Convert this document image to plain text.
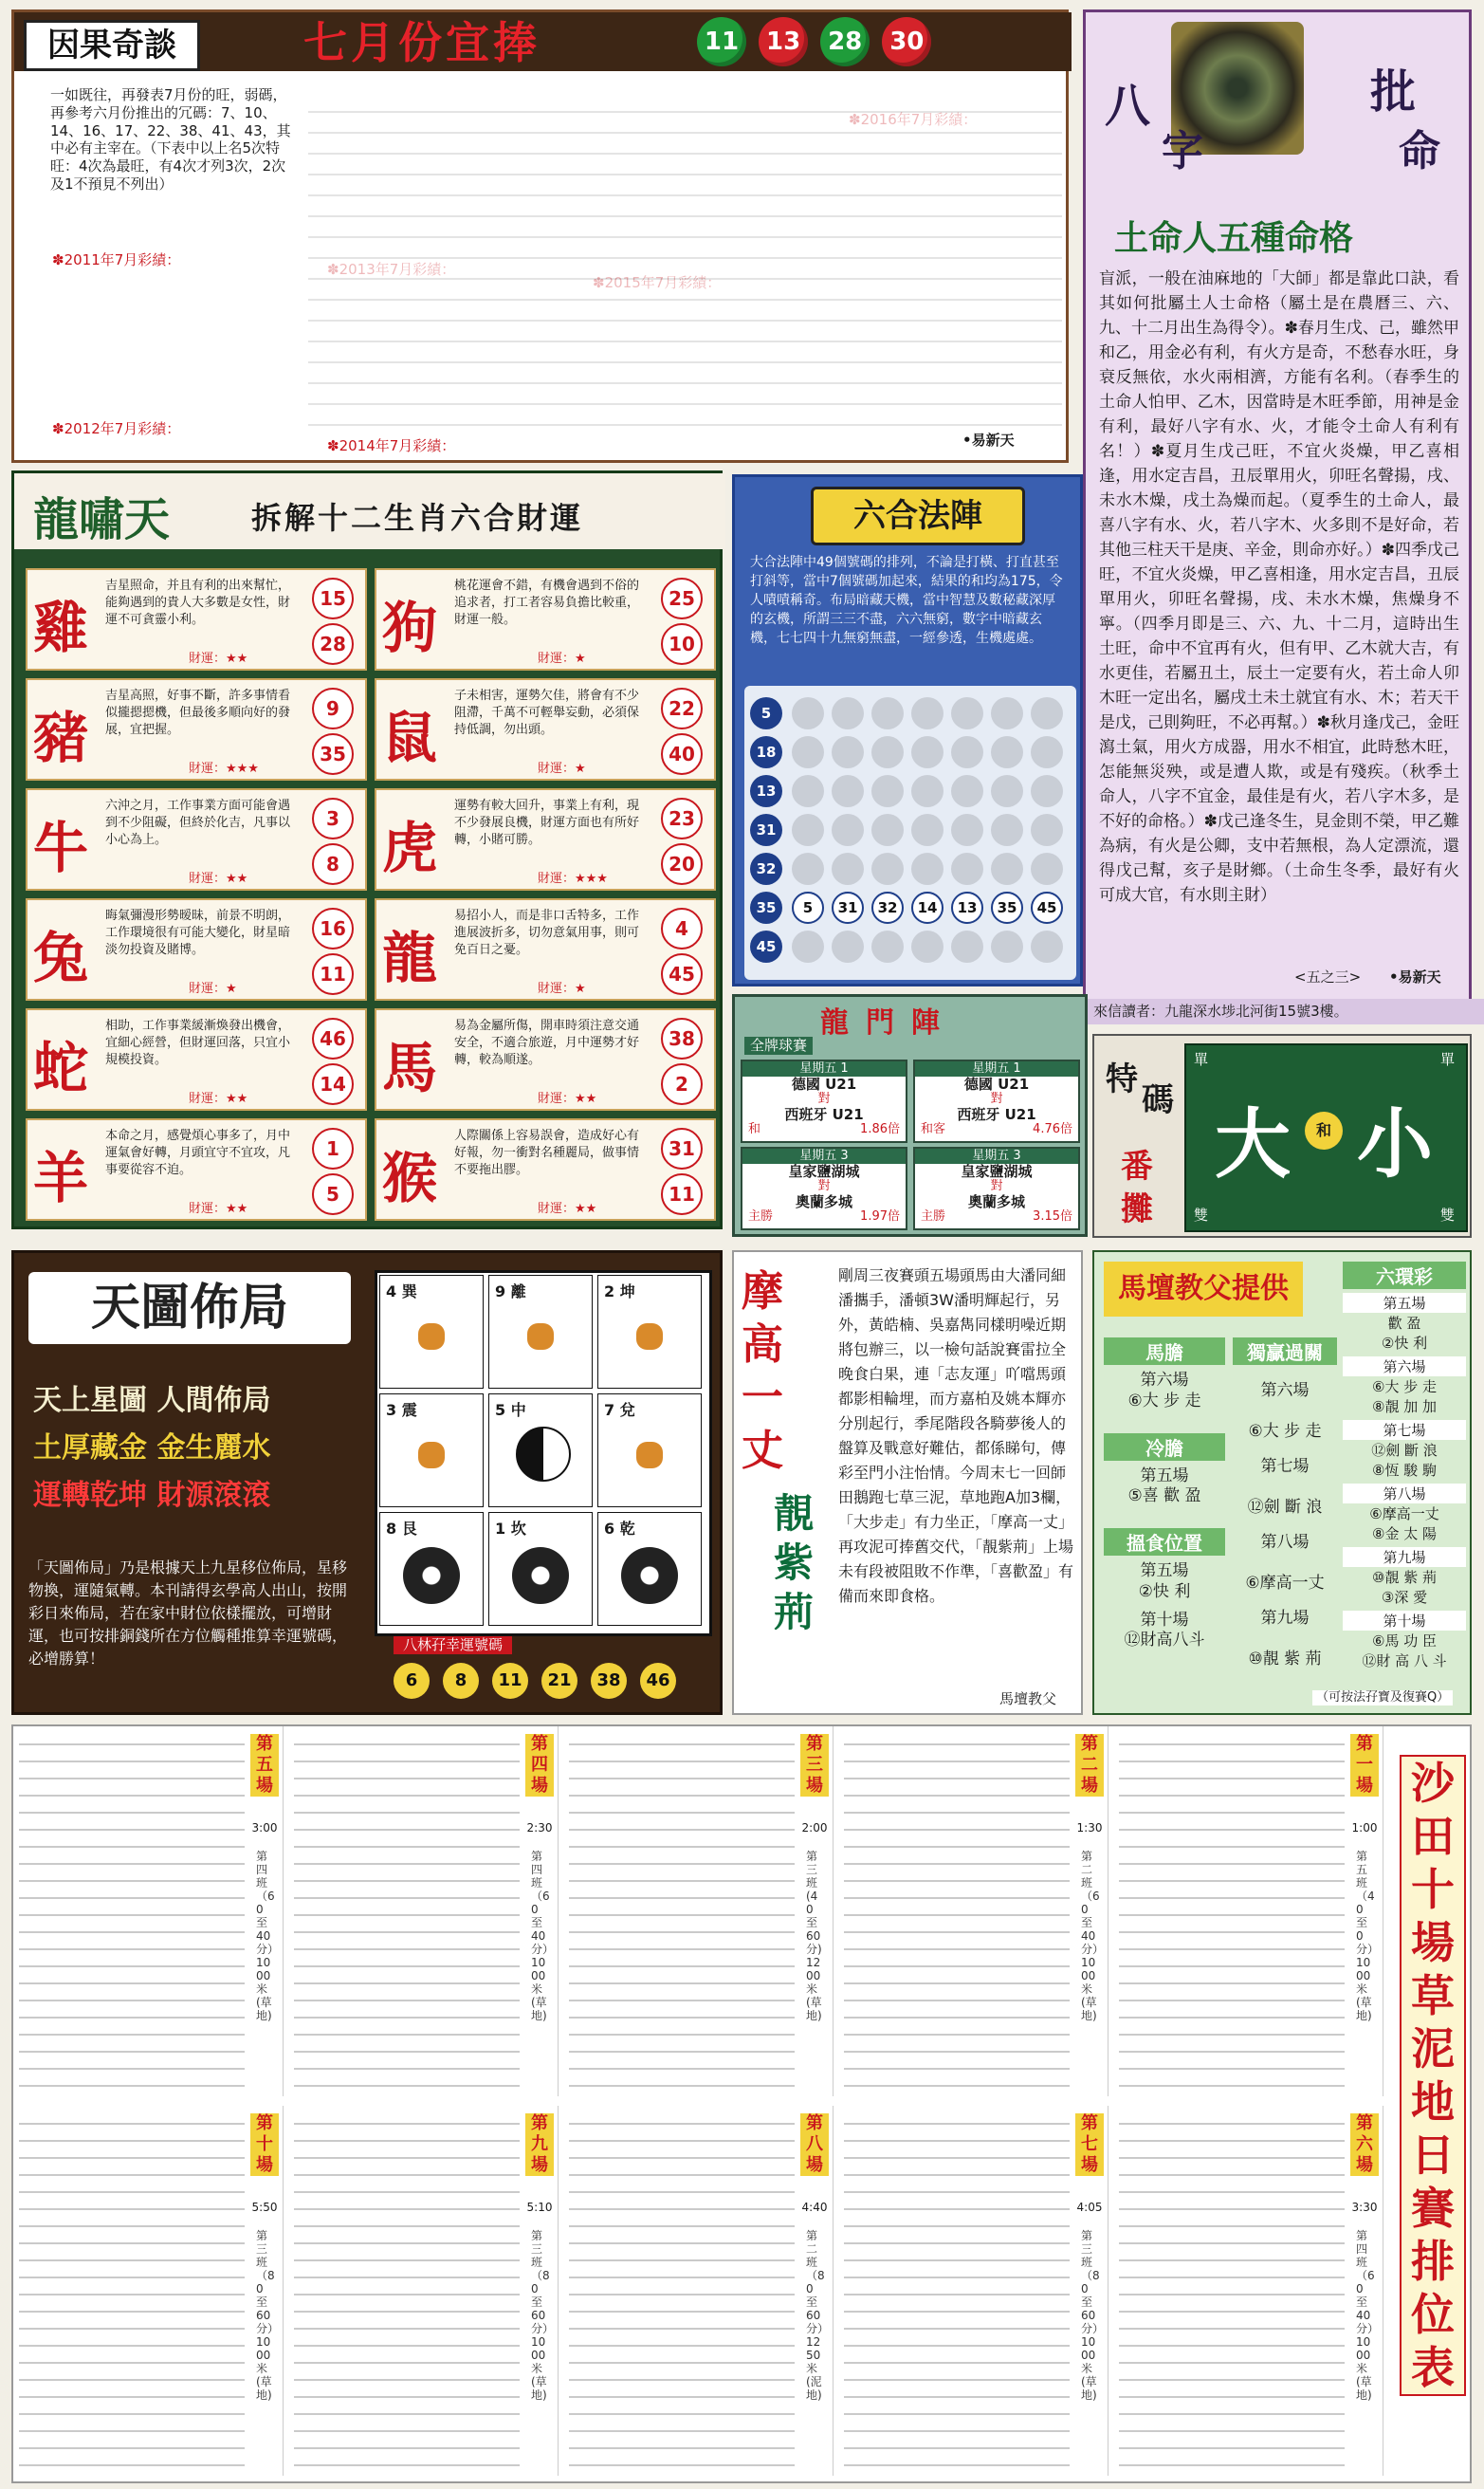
因果奇談	七月份宜捧	11 13 28 30
一如既往，再發表7月份的旺，弱碼，再參考六月份推出的冗碼：7、10、14、16、17、22、38、41、43，其中必有主宰在。（下表中以上名5次特旺：4次為最旺，有4次才列3次，2次及1不預見不列出）
✽2011年7月彩績：
✽2012年7月彩績：
✽2014年7月彩績：	•易新天
八
字
批
命
土命人五種命格
盲派，一般在油麻地的「大師」都是靠此口訣，看其如何批屬土人士命格（屬土是在農曆三、六、九、十二月出生為得令）。✽春月生戊、己，雖然甲和乙，用金必有利，有火方是奇，不愁春水旺，身衰反無依，水火兩相濟，方能有名利。（春季生的土命人怕甲、乙木，因當時是木旺季節，用神是金有利，最好八字有水、火，才能令土命人有利有名！）✽夏月生戊己旺，不宜火炎燥，甲乙喜相逢，用水定吉昌，丑辰單用火，卯旺名聲揚，戌、未水木燥，戌土為燥而起。（夏季生的土命人，最喜八字有水、火，若八字木、火多則不是好命，若其他三柱天干是庚、辛金，則命亦好。）✽四季戊己旺，不宜火炎燥，甲乙喜相逢，用水定吉昌，丑辰單用火，卯旺名聲揚，戌、未水木燥，焦燥身不寧。（四季月即是三、六、九、十二月，這時出生土旺，命中不宜再有火，但有甲、乙木就大吉，有水更佳，若屬丑土，辰土一定要有火，若土命人卯木旺一定出名，屬戌土未土就宜有水、木；若天干是戊，己則夠旺，不必再幫。）✽秋月逢戊己，金旺瀉土氣，用火方成器，用水不相宜，此時愁木旺，怎能無災殃，或是遭人欺，或是有殘疾。（秋季土命人，八字不宜金，最佳是有火，若八字木多，是不好的命格。）✽戊己逢冬生，見金則不榮，甲乙難為病，有火是公卿，支中若無根，為人定漂流，還得戊己幫，亥子是財鄉。（土命生冬季，最好有火可成大官，有水則主財）
<五之三> •易新天
來信讀者：九龍深水埗北河街15號3樓。
龍嘯天	拆解十二生肖六合財運
雞
吉星照命，并且有利的出來幫忙，能夠遇到的貴人大多數是女性，財運不可貪靈小利。
財運：★★
15
28
豬
吉星高照，好事不斷，許多事情看似攏摁摁機，但最後多順向好的發展，宜把握。
財運：★★★
9
35
牛
六沖之月，工作事業方面可能會遇到不少阻礙，但終於化吉，凡事以小心為上。
財運：★★
3
8
兔
晦氣彌漫形勢暧昧，前景不明朗，工作環境很有可能大變化，財星暗淡勿投資及賭博。
財運：★
16
11
蛇
相助，工作事業緩漸煥發出機會，宜細心經營，但財運回落，只宜小規模投資。
財運：★★
46
14
羊
本命之月，感覺煩心事多了，月中運氣會好轉，月頭宜守不宜攻，凡事要從容不迫。
財運：★★
1
5
狗
桃花運會不錯，有機會遇到不俗的追求者，打工者容易負擔比較重，財運一般。
財運：★
25
10
鼠
子未相害，運勢欠佳，將會有不少阻滯，千萬不可輕舉妄動，必須保持低調，勿出頭。
財運：★
22
40
虎
運勢有較大回升，事業上有利，現不少發展良機，財運方面也有所好轉，小賭可勝。
財運：★★★
23
20
龍
易招小人，而是非口舌特多，工作進展波折多，切勿意氣用事，則可免百日之憂。
財運：★
4
45
馬
易為金屬所傷，開車時須注意交通安全，不適合旅遊，月中運勢才好轉，較為順遂。
財運：★★
38
2
猴
人際關係上容易誤會，造成好心有好報，勿一衝對名種麗局，做事情不要拖出膠。
財運：★★
31
11
六合法陣
大合法陣中49個號碼的排列，不論是打橫、打直甚至打斜等，當中7個號碼加起來，結果的和均為175，令人嘖嘖稱奇。布局暗藏天機，當中智慧及數秘藏深厚的玄機，所謂三三不盡，六六無窮，數字中暗藏玄機，七七四十九無窮無盡，一經參透，生機處處。
5
18
13
31
32
35
45
5	31	32	14	13	35	45
龍門陣
全牌球賽
星期五 1
德國 U21
對
西班牙 U21
和	1.86倍
星期五 1
德國 U21
對
西班牙 U21
和客	4.76倍
星期五 3
皇家鹽湖城
對
奧蘭多城
主勝	1.97倍
星期五 3
皇家鹽湖城
對
奧蘭多城
主勝	3.15倍
特
碼
番
攤
大	和 小
單	單
雙	雙
天圖佈局
天上星圖 人間佈局
土厚藏金 金生麗水
運轉乾坤 財源滾滾
「天圖佈局」乃是根據天上九星移位佈局，星移物換，運隨氣轉。本刊請得玄學高人出山，按開彩日來佈局，若在家中財位依樣擺放，可增財運，也可按排銅錢所在方位觸種推算幸運號碼，必增勝算！
4 巽	9 離	2 坤
3 震	5 中	7 兌
8 艮	1 坎	6 乾
八林孖幸運號碼
6 8 11 21 38 46
摩高一丈
靚紫荊
剛周三夜賽頭五場頭馬由大潘同細潘攜手，潘頓3W潘明輝起行，另外，黃皓楠、吳嘉雋同樣明噪近期將包辦三，以一檢句話說賽雷拉全晚食白果，連「志友運」吖噹馬頭都影相輪埋，而方嘉柏及姚本輝亦分別起行，季尾階段各騎夢後人的盤算及戰意好難估，都係睇句，傳彩至門小注怡情。今周末七一回師田鵝跑七草三泥，草地跑A加3欄，「大步走」有力坐正，「摩高一丈」再攻泥可捧舊交代，「靚紫荊」上場未有段被阻敗不作準，「喜歡盈」有備而來即食格。
馬壇教父
馬壇教父提供
馬膽
第六場
⑥大 步 走
冷膽
第五場
⑤喜 歡 盈
搵食位置
第五場
②快 利
第十場
⑫財高八斗
獨贏過關
第六場
⑥大 步 走
第七場
⑫劍 斷 浪
第八場
⑥摩高一丈
第九場
⑩靚 紫 荊
六環彩
第五場
歡 盈
②快 利
第六場
⑥大 步 走
⑧靚 加 加
第七場
⑫劍 斷 浪
⑧恆 駿 駒
第八場
⑥摩高一丈
⑧金 太 陽
第九場
⑩靚 紫 荊
③深 愛
第十場
⑥馬 功 臣
⑫財 高 八 斗
（可按法孖寶及復賽Q）
第五場
3:00
第四班（60至40分）1000米(草地)
第四場
2:30
第四班（60至40分）1000米(草地)
第三場
2:00
第三班(40至60分)1200米(草地)
第二場
1:30
第二班（60至40分）1000米(草地)
第一場
1:00
第五班（40至0分）1000米(草地)
第十場
5:50
第三班（80至60分）1000米(草地)
第九場
5:10
第三班（80至60分）1000米(草地)
第八場
4:40
第二班（80至60分）1250米(泥地)
第七場
4:05
第三班（80至60分）1000米(草地)
第六場
3:30
第四班（60至40分）1000米(草地)
沙田十場草泥地日賽排位表
